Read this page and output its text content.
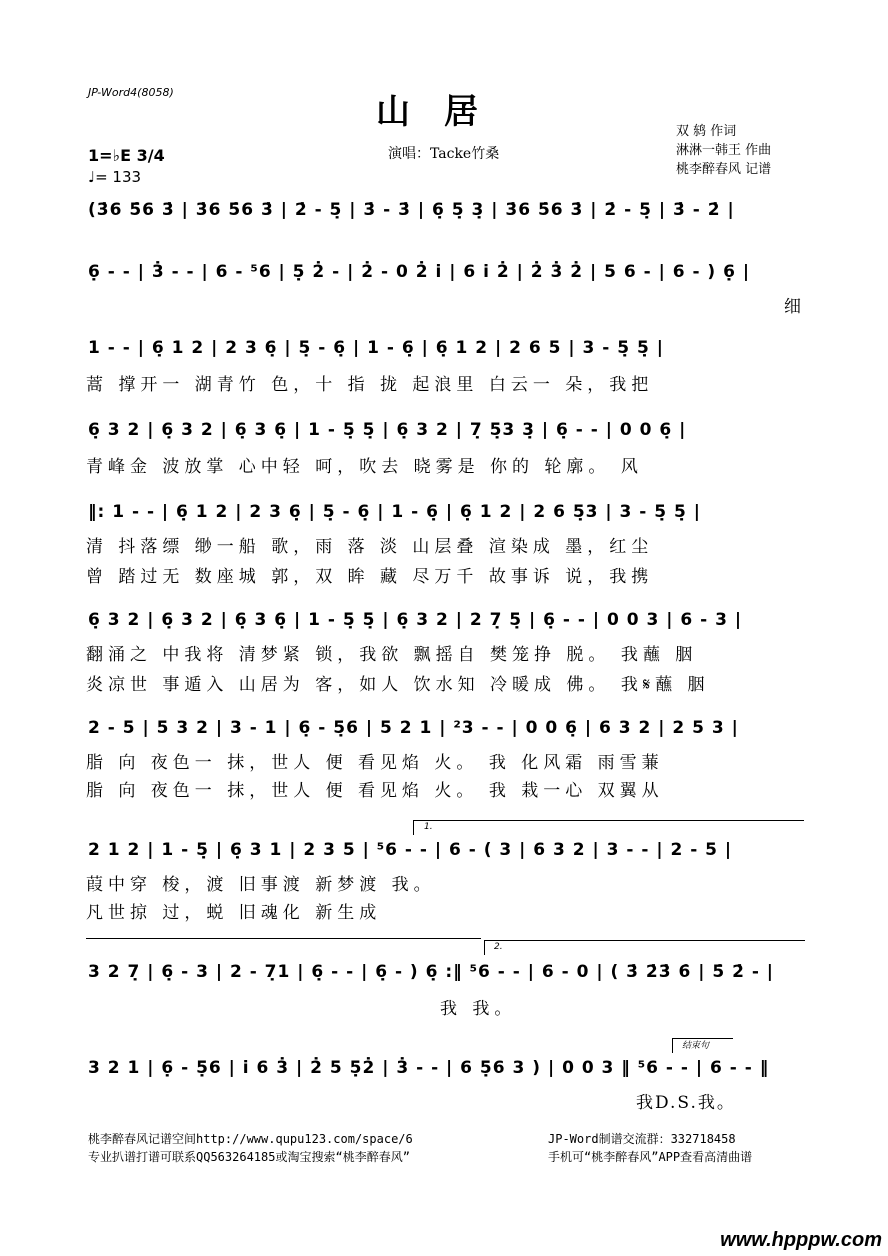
JP-Word4(8058)	山居
演唱：Tacke竹桑
双 鸫 作词
淋淋一韩王 作曲
桃李醉春风 记谱
1=♭E 3/4
♩= 133
(3̇6 5̇6 3̇ | 3̇6 5̇6 3̇ | 2̇ - 5̣ | 3̇ - 3̇ | 6̣ 5̣ 3̣ | 3̇6 5̇6 3̇ | 2̇ - 5̣ | 3̇ - 2̇ |
6̣ - - | 3̇ - - | 6 - ⁵6 | 5̣ 2̇ - | 2̇ - 0 2̇ i | 6 i 2̇ | 2̇ 3̇ 2̇ | 5 6 - | 6 - ) 6̣ |
细
1 - - | 6̣ 1 2 | 2 3 6̣ | 5̣ - 6̣ | 1 - 6̣ | 6̣ 1 2 | 2 6 5 | 3 - 5̣ 5̣ |
蒿 撑开一 湖青竹 色，十 指 拢 起浪里 白云一 朵，我把
6̣ 3 2 | 6̣ 3 2 | 6̣ 3 6̣ | 1 - 5̣ 5̣ | 6̣ 3 2 | 7̣ 5̣3 3̣ | 6̣ - - | 0 0 6̣ |
青峰金 波放掌 心中轻 呵，吹去 晓雾是 你的 轮廓。 风
‖: 1 - - | 6̣ 1 2 | 2 3 6̣ | 5̣ - 6̣ | 1 - 6̣ | 6̣ 1 2 | 2 6 5̣3 | 3 - 5̣ 5̣ |
清 抖落缥 缈一船 歌，雨 落 淡 山层叠 渲染成 墨，红尘
曾 踏过无 数座城 郭，双 眸 藏 尽万千 故事诉 说，我携
6̣ 3 2 | 6̣ 3 2 | 6̣ 3 6̣ | 1 - 5̣ 5̣ | 6̣ 3 2 | 2 7̣ 5̣ | 6̣ - - | 0 0 3 | 6 - 3 |
翻涌之 中我将 清梦紧 锁，我欲 飘摇自 樊笼挣 脱。 我蘸 胭
炎凉世 事遁入 山居为 客，如人 饮水知 冷暖成 佛。 我𝄋蘸 胭
2 - 5 | 5 3 2 | 3 - 1 | 6̣ - 5̣6 | 5 2 1 | ²3 - - | 0 0 6̣ | 6 3 2 | 2 5 3 |
脂 向 夜色一 抹，世人 便 看见焰 火。 我 化风霜 雨雪蒹
脂 向 夜色一 抹，世人 便 看见焰 火。 我 栽一心 双翼从
1.
2 1 2 | 1 - 5̣ | 6̣ 3 1 | 2 3 5 | ⁵6 - - | 6 - ( 3 | 6 3 2 | 3 - - | 2 - 5 |
葭中穿 梭，渡 旧事渡 新梦渡 我。
凡世掠 过，蜕 旧魂化 新生成
2.
3 2 7̣ | 6̣ - 3 | 2 - 7̣1 | 6̣ - - | 6̣ - ) 6̣ :‖ ⁵6 - - | 6 - 0 | ( 3̇ 2̇3̇ 6̇ | 5̇ 2̇ - |
我 我。
结束句
3 2 1 | 6̣ - 5̣6 | i 6 3̇ | 2̇ 5 5̣2̇ | 3̇ - - | 6 5̣6 3 ) | 0 0 3 ‖ ⁵6 - - | 6 - - ‖
我D.S.我。
桃李醉春风记谱空间http://www.qupu123.com/space/6
专业扒谱打谱可联系QQ563264185或淘宝搜索“桃李醉春风”
JP-Word制谱交流群：332718458
手机可“桃李醉春风”APP查看高清曲谱
www.hpppw.com
